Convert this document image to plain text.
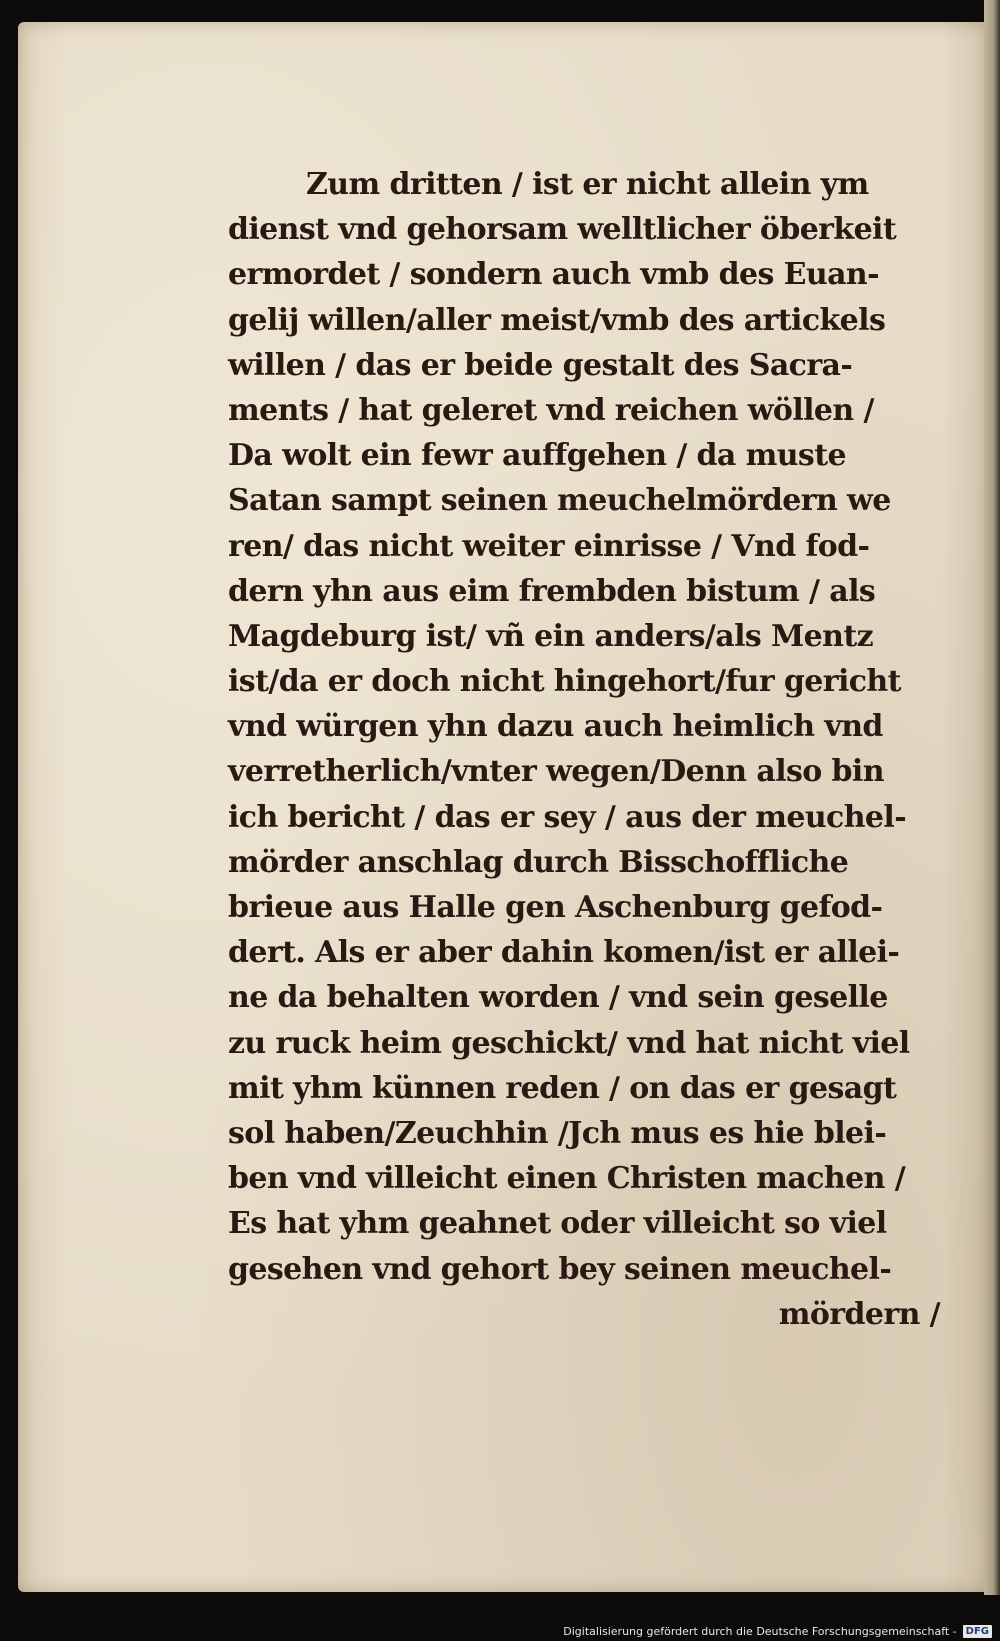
Zum dritten / ist er nicht allein ym
dienst vnd gehorsam welltlicher öberkeit
ermordet / sondern auch vmb des Euan-
gelij willen/aller meist/vmb des artickels
willen / das er beide gestalt des Sacra-
ments / hat geleret vnd reichen wöllen /
Da wolt ein fewr auffgehen / da muste
Satan sampt seinen meuchelmördern we
ren/ das nicht weiter einrisse / Vnd fod-
dern yhn aus eim frembden bistum / als
Magdeburg ist/ vñ ein anders/als Mentz
ist/da er doch nicht hingehort/fur gericht
vnd würgen yhn dazu auch heimlich vnd
verretherlich/vnter wegen/Denn also bin
ich bericht / das er sey / aus der meuchel-
mörder anschlag durch Bisschoffliche
brieue aus Halle gen Aschenburg gefod-
dert. Als er aber dahin komen/ist er allei-
ne da behalten worden / vnd sein geselle
zu ruck heim geschickt/ vnd hat nicht viel
mit yhm künnen reden / on das er gesagt
sol haben/Zeuchhin /Jch mus es hie blei-
ben vnd villeicht einen Christen machen /
Es hat yhm geahnet oder villeicht so viel
gesehen vnd gehort bey seinen meuchel-
mördern /
Digitalisierung gefördert durch die Deutsche Forschungsgemeinschaft - DFG
